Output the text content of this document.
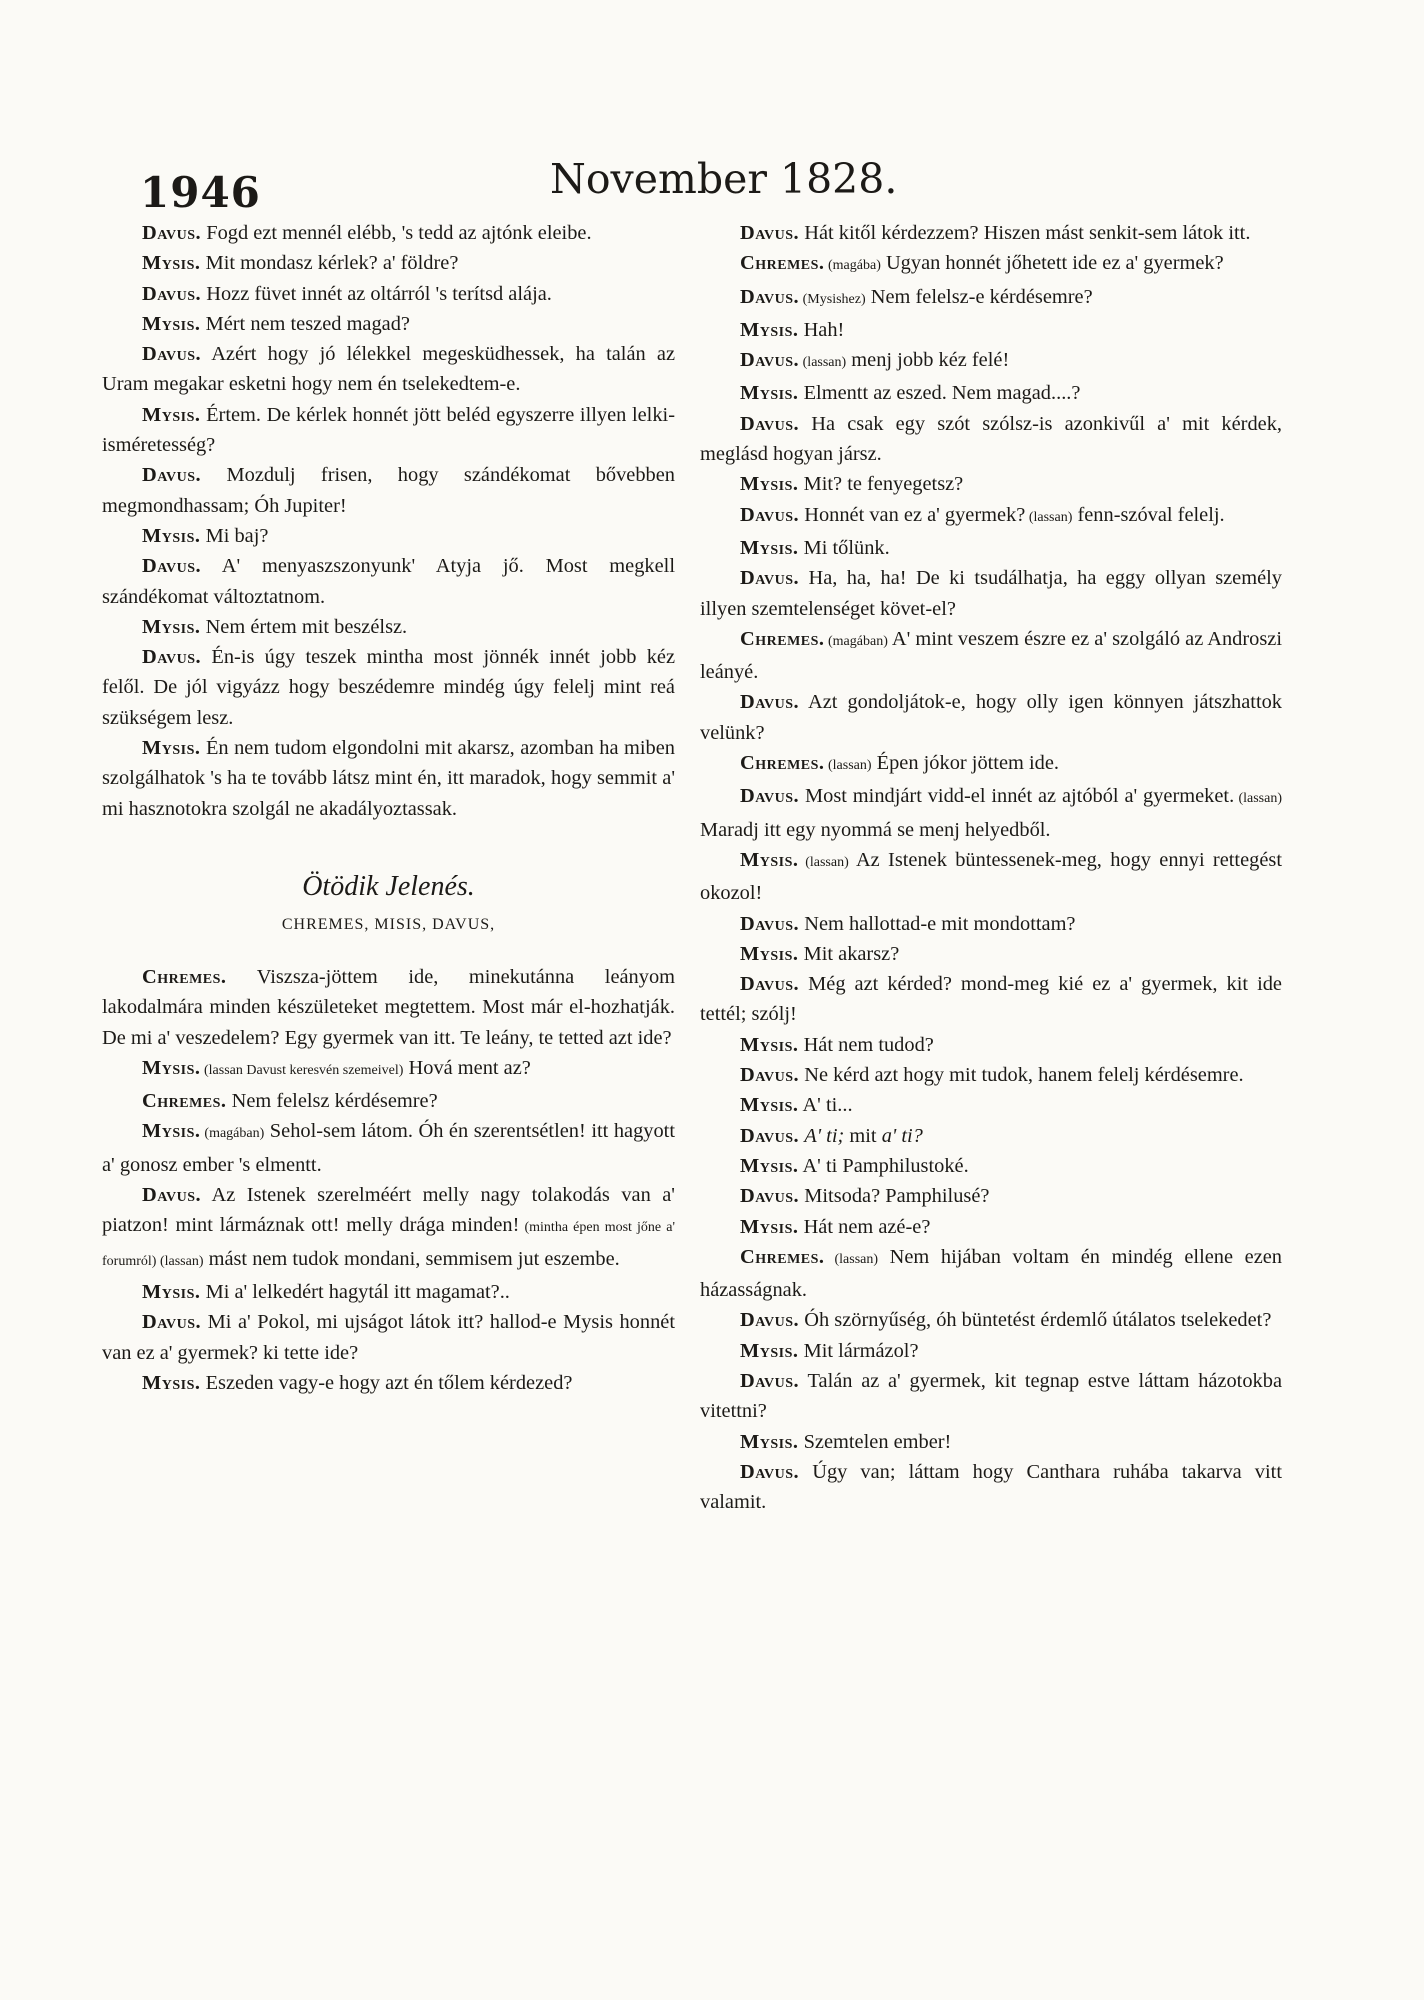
1946	November 1828.

Davus. Fogd ezt mennél elébb, 's tedd az ajtónk eleibe.

Mysis. Mit mondasz kérlek? a' földre?

Davus. Hozz füvet innét az oltárról 's terítsd alája.

Mysis. Mért nem teszed magad?

Davus. Azért hogy jó lélekkel megesküdhessek, ha talán az Uram megakar esketni hogy nem én tselekedtem-e.

Mysis. Értem. De kérlek honnét jött beléd egyszerre illyen lelki-isméretesség?

Davus. Mozdulj frisen, hogy szándékomat bővebben megmondhassam; Óh Jupiter!

Mysis. Mi baj?

Davus. A' menyaszszonyunk' Atyja jő. Most megkell szándékomat változtatnom.

Mysis. Nem értem mit beszélsz.

Davus. Én-is úgy teszek mintha most jönnék innét jobb kéz felől. De jól vigyázz hogy beszédemre mindég úgy felelj mint reá szükségem lesz.

Mysis. Én nem tudom elgondolni mit akarsz, azomban ha miben szolgálhatok 's ha te tovább látsz mint én, itt maradok, hogy semmit a' mi hasznotokra szolgál ne akadályoztassak.

Ötödik Jelenés.
CHREMES, MISIS, DAVUS,

Chremes. Viszsza-jöttem ide, minekutánna leányom lakodalmára minden készületeket megtettem. Most már el-hozhatják. De mi a' veszedelem? Egy gyermek van itt. Te leány, te tetted azt ide?

Mysis. (lassan Davust keresvén szemeivel) Hová ment az?

Chremes. Nem felelsz kérdésemre?

Mysis. (magában) Sehol-sem látom. Óh én szerentsétlen! itt hagyott a' gonosz ember 's elmentt.

Davus. Az Istenek szerelméért melly nagy tolakodás van a' piatzon! mint lármáznak ott! melly drága minden! (mintha épen most jőne a' forumról) (lassan) mást nem tudok mondani, semmisem jut eszembe.

Mysis. Mi a' lelkedért hagytál itt magamat?..

Davus. Mi a' Pokol, mi ujságot látok itt? hallod-e Mysis honnét van ez a' gyermek? ki tette ide?

Mysis. Eszeden vagy-e hogy azt én tőlem kérdezed?

Davus. Hát kitől kérdezzem? Hiszen mást senkit-sem látok itt.

Chremes. (magába) Ugyan honnét jőhetett ide ez a' gyermek?

Davus. (Mysishez) Nem felelsz-e kérdésemre?

Mysis. Hah!

Davus. (lassan) menj jobb kéz felé!

Mysis. Elmentt az eszed. Nem magad....?

Davus. Ha csak egy szót szólsz-is azonkivűl a' mit kérdek, meglásd hogyan jársz.

Mysis. Mit? te fenyegetsz?

Davus. Honnét van ez a' gyermek? (lassan) fenn-szóval felelj.

Mysis. Mi tőlünk.

Davus. Ha, ha, ha! De ki tsudálhatja, ha eggy ollyan személy illyen szemtelenséget követ-el?

Chremes. (magában) A' mint veszem észre ez a' szolgáló az Androszi leányé.

Davus. Azt gondoljátok-e, hogy olly igen könnyen játszhattok velünk?

Chremes. (lassan) Épen jókor jöttem ide.

Davus. Most mindjárt vidd-el innét az ajtóból a' gyermeket. (lassan) Maradj itt egy nyommá se menj helyedből.

Mysis. (lassan) Az Istenek büntessenek-meg, hogy ennyi rettegést okozol!

Davus. Nem hallottad-e mit mondottam?

Mysis. Mit akarsz?

Davus. Még azt kérded? mond-meg kié ez a' gyermek, kit ide tettél; szólj!

Mysis. Hát nem tudod?

Davus. Ne kérd azt hogy mit tudok, hanem felelj kérdésemre.

Mysis. A' ti...

Davus. A' ti; mit a' ti?

Mysis. A' ti Pamphilustoké.

Davus. Mitsoda? Pamphilusé?

Mysis. Hát nem azé-e?

Chremes. (lassan) Nem hijában voltam én mindég ellene ezen házasságnak.

Davus. Óh szörnyűség, óh büntetést érdemlő útálatos tselekedet?

Mysis. Mit lármázol?

Davus. Talán az a' gyermek, kit tegnap estve láttam házotokba vitettni?

Mysis. Szemtelen ember!

Davus. Úgy van; láttam hogy Canthara ruhába takarva vitt valamit.
